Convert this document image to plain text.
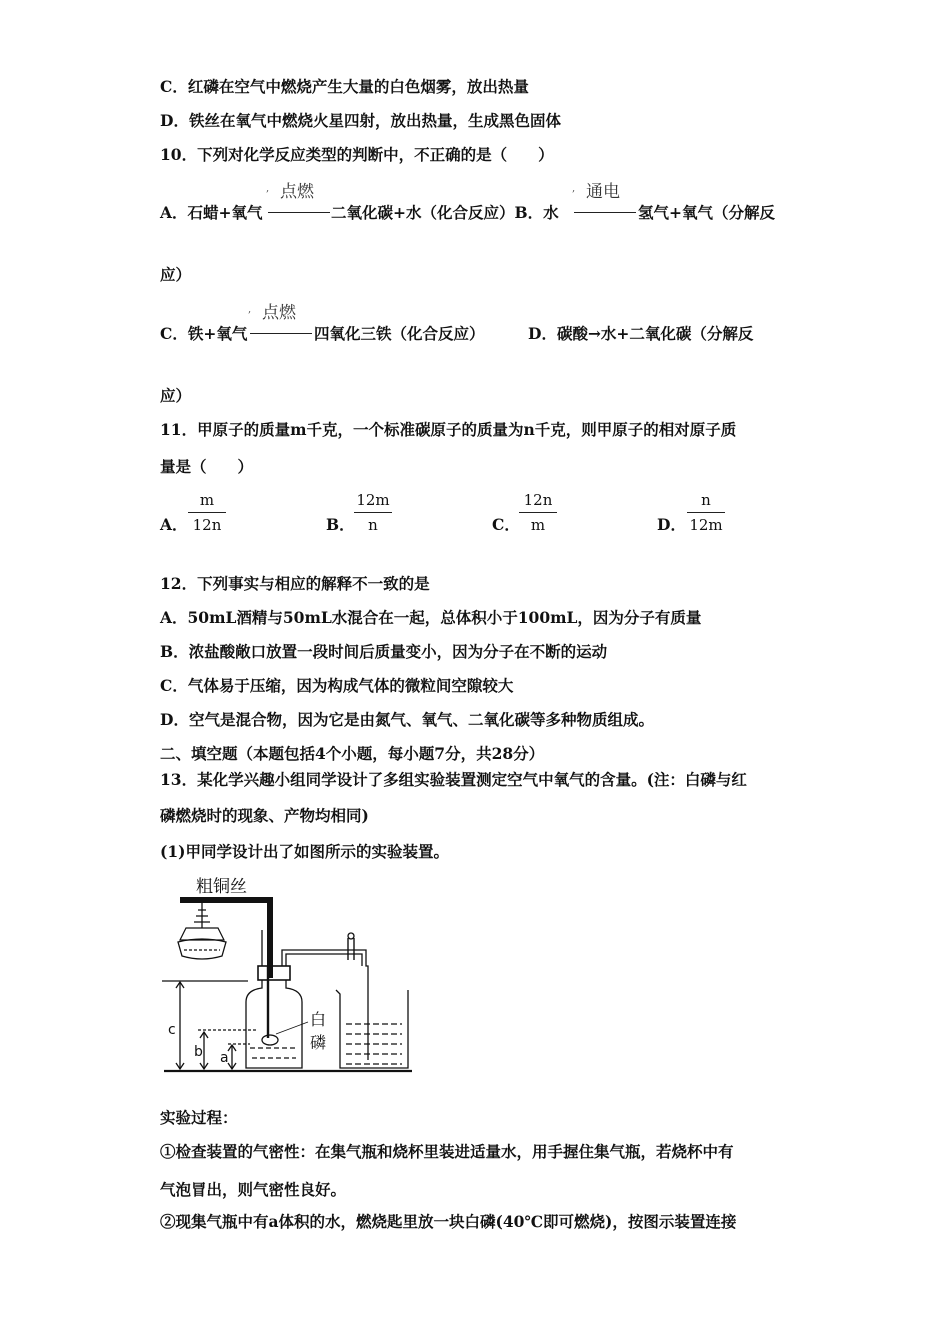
C．红磷在空气中燃烧产生大量的白色烟雾，放出热量
D．铁丝在氧气中燃烧火星四射，放出热量，生成黑色固体
10．下列对化学反应类型的判断中，不正确的是（　　）
, 点燃	, 通电
A．石蜡+氧气	二氧化碳+水（化合反应）B．水	氢气+氧气（分解反
应）
, 点燃
C．铁+氧气	四氧化三铁（化合反应）	D．碳酸→水+二氧化碳（分解反
应）
11．甲原子的质量m千克，一个标准碳原子的质量为n千克，则甲原子的相对原子质
量是（　　）
A．
m
12n	B．
12m
n	C．
12n
m	D．
n
12m
12．下列事实与相应的解释不一致的是
A．50mL酒精与50mL水混合在一起，总体积小于100mL，因为分子有质量
B．浓盐酸敞口放置一段时间后质量变小，因为分子在不断的运动
C．气体易于压缩，因为构成气体的微粒间空隙较大
D．空气是混合物，因为它是由氮气、氧气、二氧化碳等多种物质组成。
二、填空题（本题包括4个小题，每小题7分，共28分）
13．某化学兴趣小组同学设计了多组实验装置测定空气中氧气的含量。(注：白磷与红
磷燃烧时的现象、产物均相同)
(1)甲同学设计出了如图所示的实验装置。
粗铜丝
c
b a
白
磷
实验过程：
①检查装置的气密性：在集气瓶和烧杯里装进适量水，用手握住集气瓶，若烧杯中有
气泡冒出，则气密性良好。
②现集气瓶中有a体积的水，燃烧匙里放一块白磷(40℃即可燃烧)，按图示装置连接
